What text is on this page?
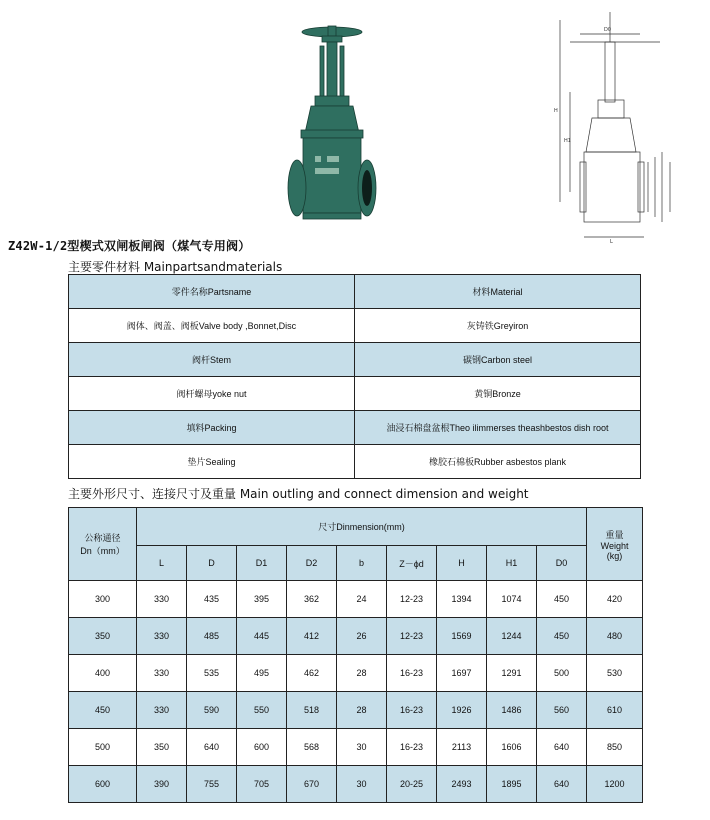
D0
H
H1
L
Z42W-1/2型楔式双闸板闸阀（煤气专用阀）
主要零件材料 Mainpartsandmaterials
零件名称Partsname	材料Material
阀体、阀盖、阀板Valve body ,Bonnet,Disc	灰铸铁Greyiron
阀杆Stem	碳钢Carbon steel
阀杆螺母yoke nut	黄铜Bronze
填料Packing	油浸石棉盘盆根Theo ilimmerses theashbestos dish root
垫片Sealing	橡胶石棉板Rubber asbestos plank
主要外形尺寸、连接尺寸及重量 Main outling and connect dimension and weight
公称通径
Dn（mm）	尺寸Dinmension(mm)									重量
Weight
(kg)
	L	D	D1	D2	b	Z－ϕd	H	H1	D0	
300	330	435	395	362	24	12-23	1394	1074	450	420
350	330	485	445	412	26	12-23	1569	1244	450	480
400	330	535	495	462	28	16-23	1697	1291	500	530
450	330	590	550	518	28	16-23	1926	1486	560	610
500	350	640	600	568	30	16-23	2113	1606	640	850
600	390	755	705	670	30	20-25	2493	1895	640	1200
